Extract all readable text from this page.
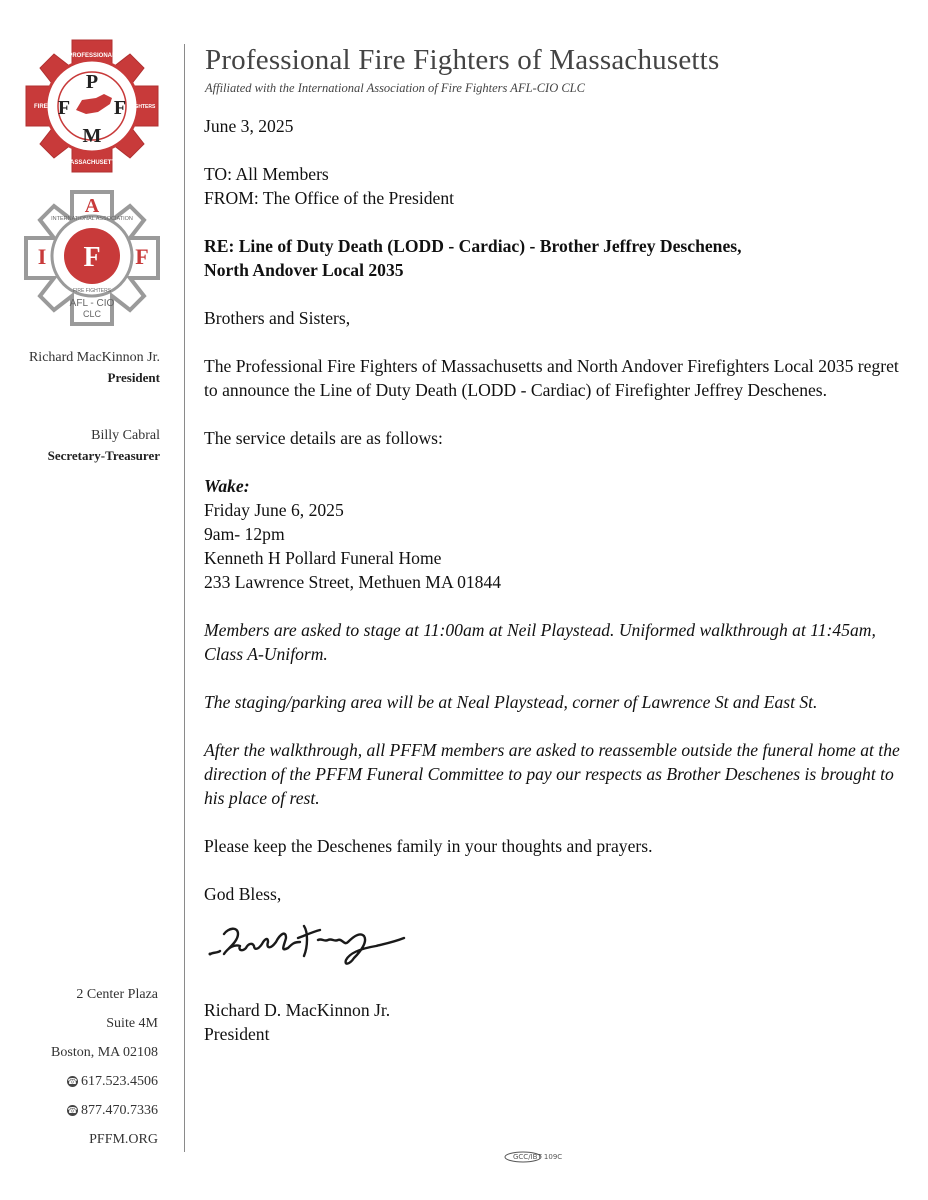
PROFESSIONAL
MASSACHUSETTS
FIRE	FIGHTERS
P
F F
M
INTERNATIONAL ASSOCIATION
FIRE FIGHTERS
A
I F F
AFL - CIO
CLC
Richard MacKinnon Jr.
President
Billy Cabral
Secretary-Treasurer
2 Center Plaza
Suite 4M
Boston, MA 02108
☎ 617.523.4506
☎ 877.470.7336
PFFM.ORG
Professional Fire Fighters of Massachusetts
Affiliated with the International Association of Fire Fighters AFL-CIO CLC

June 3, 2025

TO: All Members

FROM: The Office of the President

RE: Line of Duty Death (LODD - Cardiac) - Brother Jeffrey Deschenes,

North Andover Local 2035

Brothers and Sisters,

The Professional Fire Fighters of Massachusetts and North Andover Firefighters Local 2035 regret to announce the Line of Duty Death (LODD - Cardiac) of Firefighter Jeffrey Deschenes.

The service details are as follows:

Wake:

Friday June 6, 2025

9am- 12pm

Kenneth H Pollard Funeral Home

233 Lawrence Street, Methuen MA 01844

Members are asked to stage at 11:00am at Neil Playstead. Uniformed walkthrough at 11:45am, Class A-Uniform.

The staging/parking area will be at Neal Playstead, corner of Lawrence St and East St.

After the walkthrough, all PFFM members are asked to reassemble outside the funeral home at the direction of the PFFM Funeral Committee to pay our respects as Brother Deschenes is brought to his place of rest.

Please keep the Deschenes family in your thoughts and prayers.

God Bless,

Richard D. MacKinnon Jr.

President

GCC/IBT 109C
